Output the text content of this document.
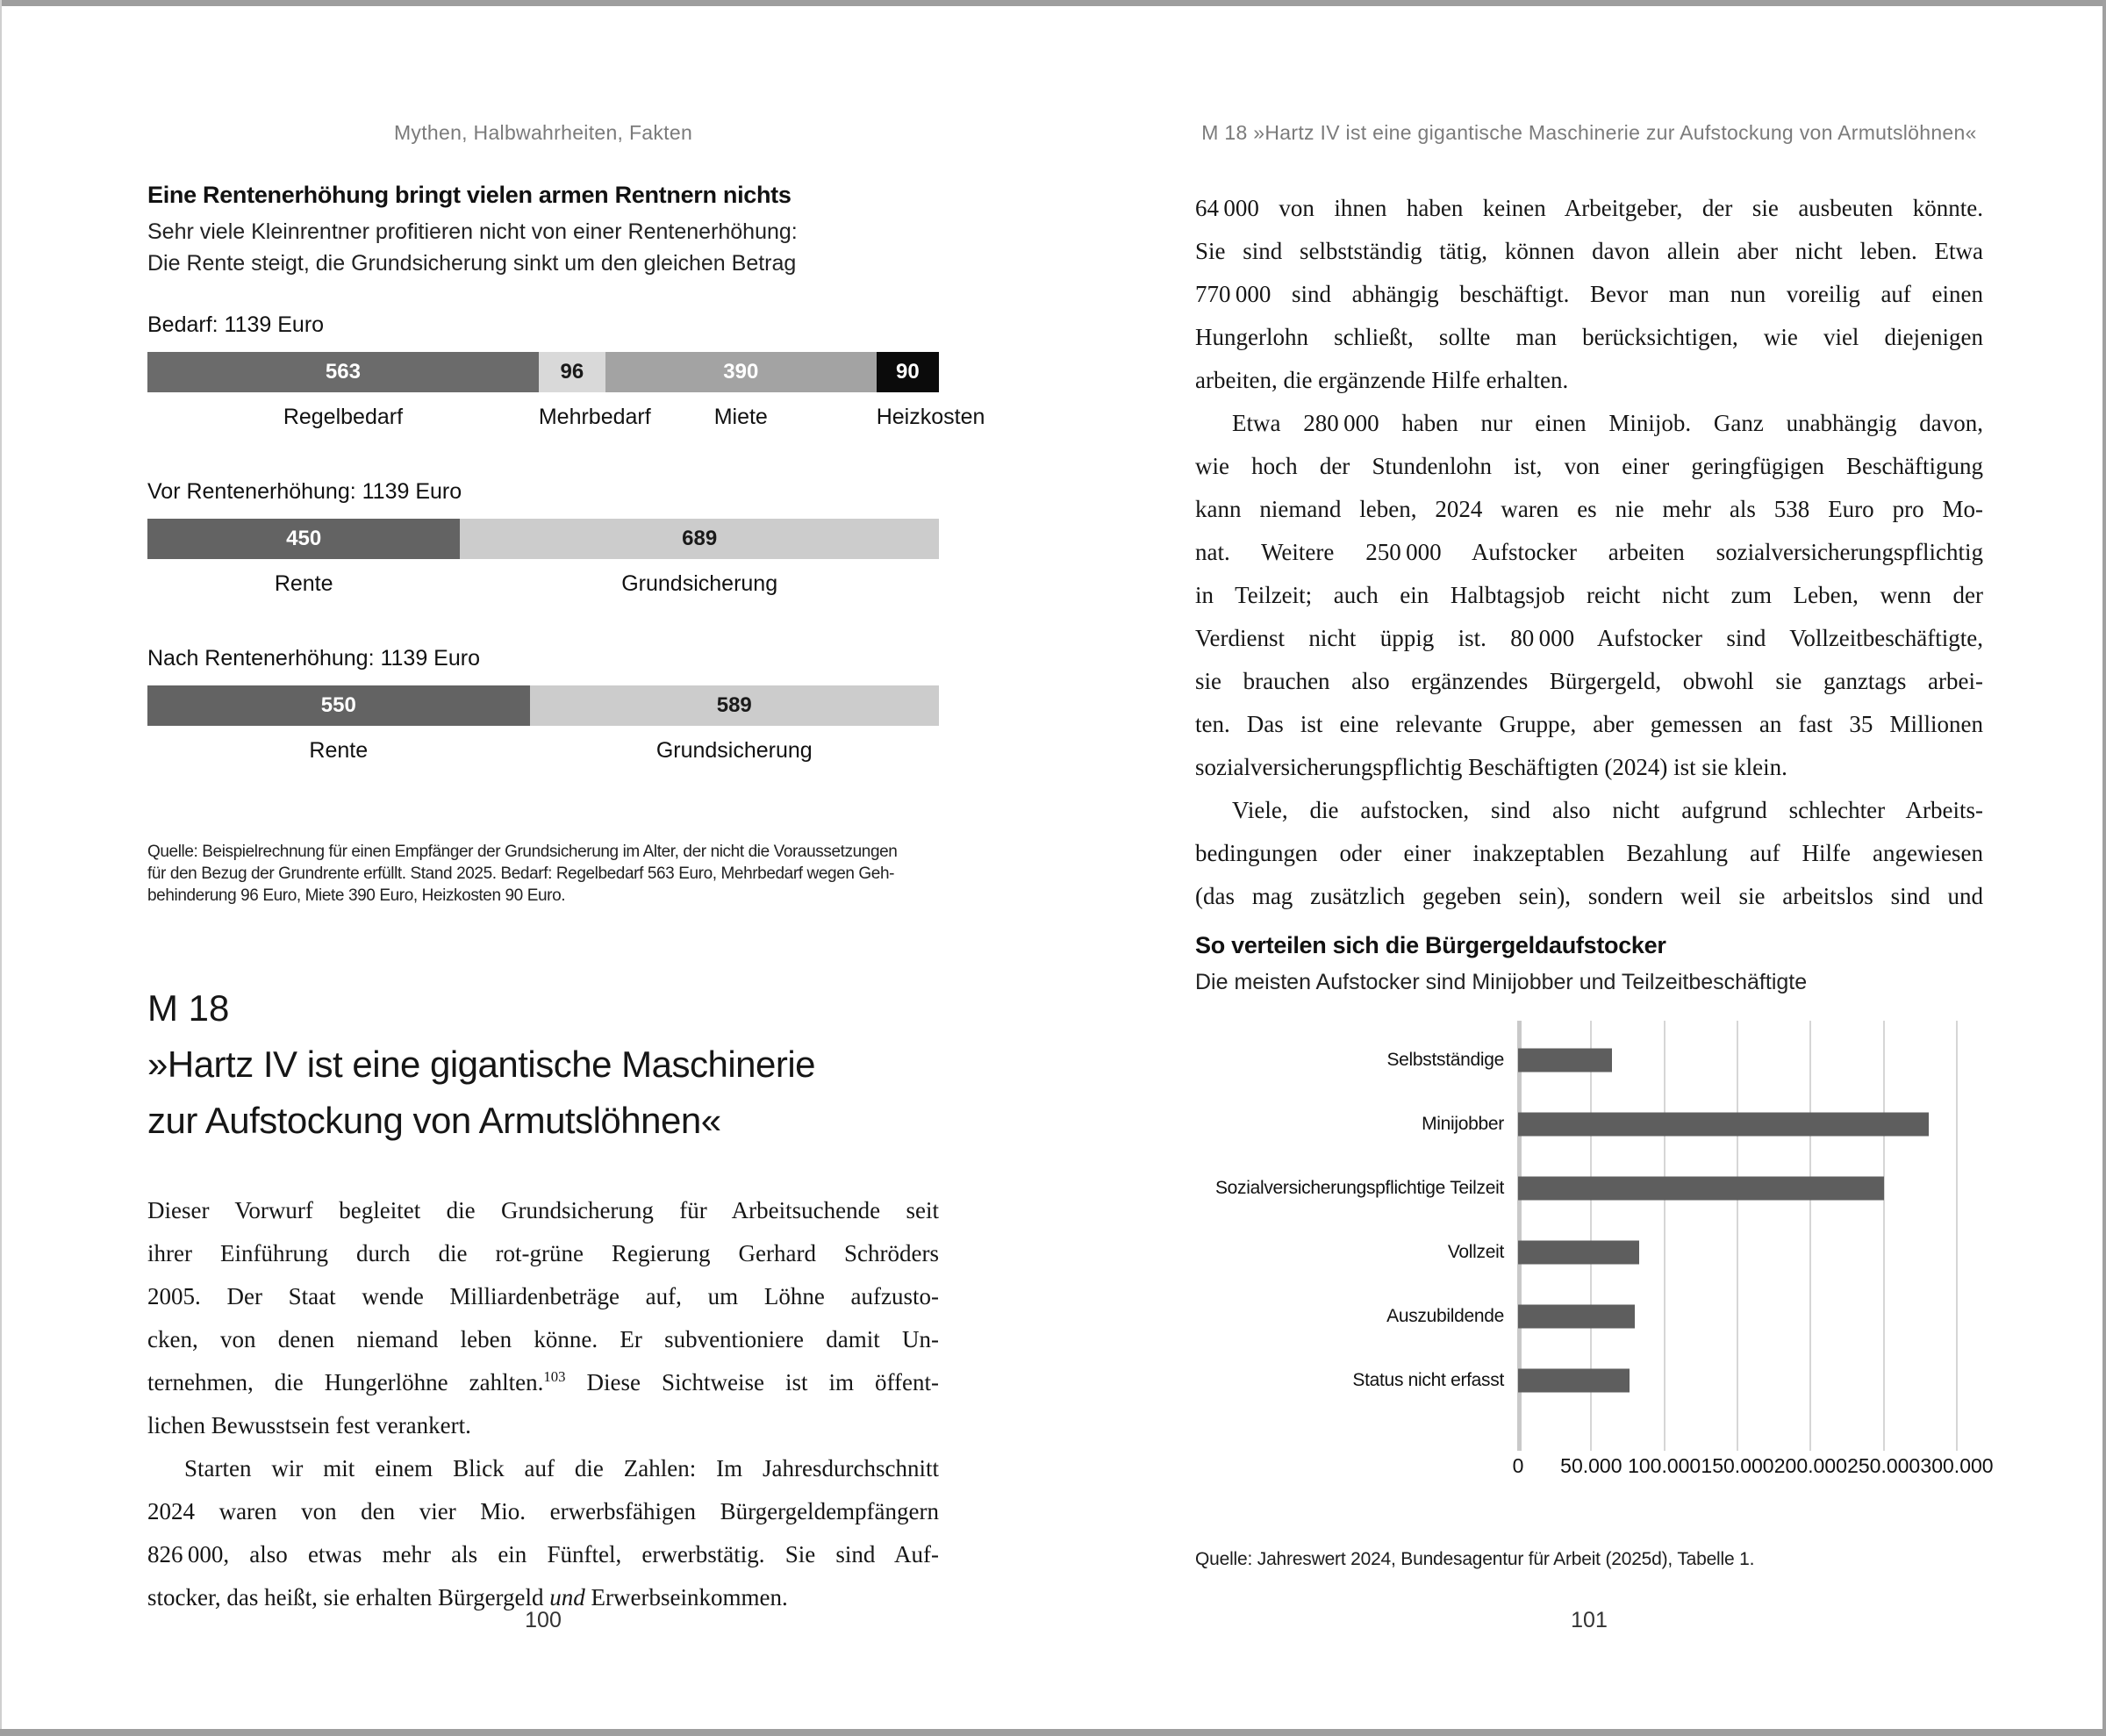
Mythen, Halbwahrheiten, Fakten
Eine Rentenerhöhung bringt vielen armen Rentnern nichts
Sehr viele Kleinrentner profitieren nicht von einer Rentenerhöhung:
Die Rente steigt, die Grundsicherung sinkt um den gleichen Betrag
Bedarf: 1139 Euro
563	96	390	90
Regelbedarf	Mehrbedarf	Miete	Heizkosten
Vor Rentenerhöhung: 1139 Euro
450	689
Rente	Grundsicherung
Nach Rentenerhöhung: 1139 Euro
550	589
Rente	Grundsicherung
Quelle: Beispielrechnung für einen Empfänger der Grundsicherung im Alter, der nicht die Voraussetzungen
für den Bezug der Grundrente erfüllt. Stand 2025. Bedarf: Regelbedarf 563 Euro, Mehrbedarf wegen Geh-
behinderung 96 Euro, Miete 390 Euro, Heizkosten 90 Euro.
M 18
»Hartz IV ist eine gigantische Maschinerie
zur Aufstockung von Armutslöhnen«
Dieser Vorwurf begleitet die Grundsicherung für Arbeitsuchende seit
ihrer Einführung durch die rot-grüne Regierung Gerhard Schröders
2005. Der Staat wende Milliardenbeträge auf, um Löhne aufzusto-
cken, von denen niemand leben könne. Er subventioniere damit Un-
ternehmen, die Hungerlöhne zahlten.$^{103}$ Diese Sichtweise ist im öffent-
lichen Bewusstsein fest verankert.
Starten wir mit einem Blick auf die Zahlen: Im Jahresdurchschnitt
2024 waren von den vier Mio. erwerbsfähigen Bürgergeldempfängern
826 000, also etwas mehr als ein Fünftel, erwerbstätig. Sie sind Auf-
stocker, das heißt, sie erhalten Bürgergeld und Erwerbseinkommen.
100
M 18 »Hartz IV ist eine gigantische Maschinerie zur Aufstockung von Armutslöhnen«
64 000 von ihnen haben keinen Arbeitgeber, der sie ausbeuten könnte.
Sie sind selbstständig tätig, können davon allein aber nicht leben. Etwa
770 000 sind abhängig beschäftigt. Bevor man nun voreilig auf einen
Hungerlohn schließt, sollte man berücksichtigen, wie viel diejenigen
arbeiten, die ergänzende Hilfe erhalten.
Etwa 280 000 haben nur einen Minijob. Ganz unabhängig davon,
wie hoch der Stundenlohn ist, von einer geringfügigen Beschäftigung
kann niemand leben, 2024 waren es nie mehr als 538 Euro pro Mo-
nat. Weitere 250 000 Aufstocker arbeiten sozialversicherungspflichtig
in Teilzeit; auch ein Halbtagsjob reicht nicht zum Leben, wenn der
Verdienst nicht üppig ist. 80 000 Aufstocker sind Vollzeitbeschäftigte,
sie brauchen also ergänzendes Bürgergeld, obwohl sie ganztags arbei-
ten. Das ist eine relevante Gruppe, aber gemessen an fast 35 Millionen
sozialversicherungspflichtig Beschäftigten (2024) ist sie klein.
Viele, die aufstocken, sind also nicht aufgrund schlechter Arbeits-
bedingungen oder einer inakzeptablen Bezahlung auf Hilfe angewiesen
(das mag zusätzlich gegeben sein), sondern weil sie arbeitslos sind und
So verteilen sich die Bürgergeldaufstocker
Die meisten Aufstocker sind Minijobber und Teilzeitbeschäftigte
Selbstständige
Minijobber
Sozialversicherungspflichtige Teilzeit
Vollzeit
Auszubildende
Status nicht erfasst
0 50.000 100.000 150.000 200.000 250.000 300.000
Quelle: Jahreswert 2024, Bundesagentur für Arbeit (2025d), Tabelle 1.
101
